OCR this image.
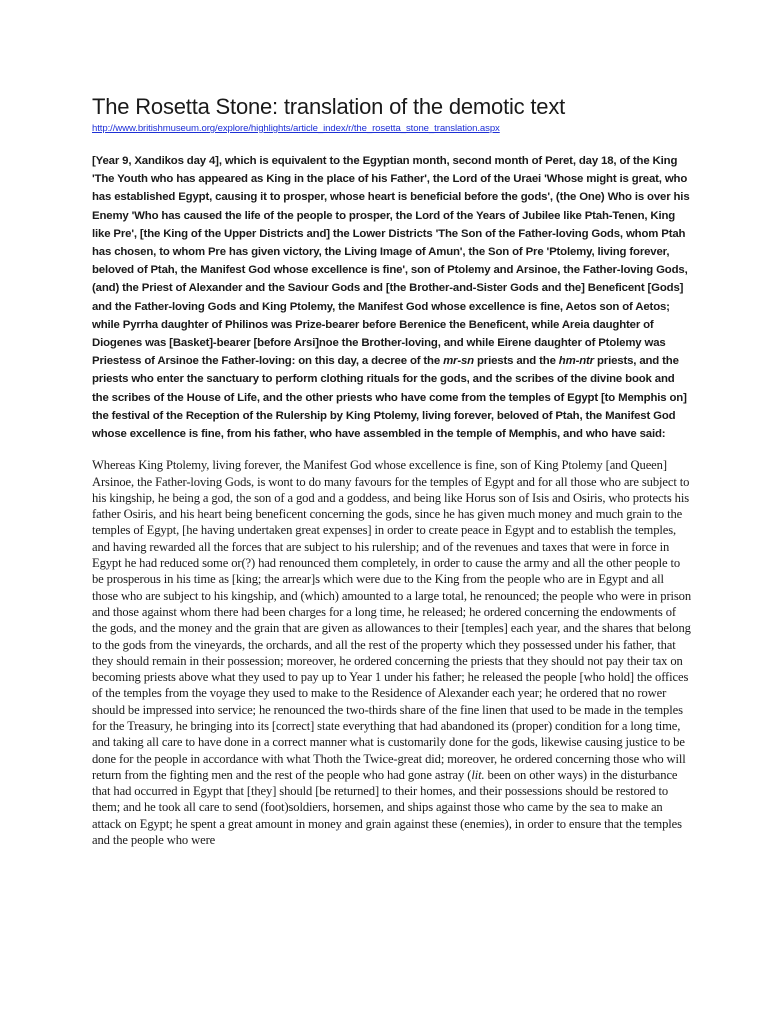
The Rosetta Stone: translation of the demotic text
http://www.britishmuseum.org/explore/highlights/article_index/r/the_rosetta_stone_translation.aspx

[Year 9, Xandikos day 4], which is equivalent to the Egyptian month, second month of Peret, day 18, of the King 'The Youth who has appeared as King in the place of his Father', the Lord of the Uraei 'Whose might is great, who has established Egypt, causing it to prosper, whose heart is beneficial before the gods', (the One) Who is over his Enemy 'Who has caused the life of the people to prosper, the Lord of the Years of Jubilee like Ptah-Tenen, King like Pre', [the King of the Upper Districts and] the Lower Districts 'The Son of the Father-loving Gods, whom Ptah has chosen, to whom Pre has given victory, the Living Image of Amun', the Son of Pre 'Ptolemy, living forever, beloved of Ptah, the Manifest God whose excellence is fine', son of Ptolemy and Arsinoe, the Father-loving Gods, (and) the Priest of Alexander and the Saviour Gods and [the Brother-and-Sister Gods and the] Beneficent [Gods] and the Father-loving Gods and King Ptolemy, the Manifest God whose excellence is fine, Aetos son of Aetos; while Pyrrha daughter of Philinos was Prize-bearer before Berenice the Beneficent, while Areia daughter of Diogenes was [Basket]-bearer [before Arsi]noe the Brother-loving, and while Eirene daughter of Ptolemy was Priestess of Arsinoe the Father-loving: on this day, a decree of the mr-sn priests and the hm-ntr priests, and the priests who enter the sanctuary to perform clothing rituals for the gods, and the scribes of the divine book and the scribes of the House of Life, and the other priests who have come from the temples of Egypt [to Memphis on] the festival of the Reception of the Rulership by King Ptolemy, living forever, beloved of Ptah, the Manifest God whose excellence is fine, from his father, who have assembled in the temple of Memphis, and who have said:

Whereas King Ptolemy, living forever, the Manifest God whose excellence is fine, son of King Ptolemy [and Queen] Arsinoe, the Father-loving Gods, is wont to do many favours for the temples of Egypt and for all those who are subject to his kingship, he being a god, the son of a god and a goddess, and being like Horus son of Isis and Osiris, who protects his father Osiris, and his heart being beneficent concerning the gods, since he has given much money and much grain to the temples of Egypt, [he having undertaken great expenses] in order to create peace in Egypt and to establish the temples, and having rewarded all the forces that are subject to his rulership; and of the revenues and taxes that were in force in Egypt he had reduced some or(?) had renounced them completely, in order to cause the army and all the other people to be prosperous in his time as [king; the arrear]s which were due to the King from the people who are in Egypt and all those who are subject to his kingship, and (which) amounted to a large total, he renounced; the people who were in prison and those against whom there had been charges for a long time, he released; he ordered concerning the endowments of the gods, and the money and the grain that are given as allowances to their [temples] each year, and the shares that belong to the gods from the vineyards, the orchards, and all the rest of the property which they possessed under his father, that they should remain in their possession; moreover, he ordered concerning the priests that they should not pay their tax on becoming priests above what they used to pay up to Year 1 under his father; he released the people [who hold] the offices of the temples from the voyage they used to make to the Residence of Alexander each year; he ordered that no rower should be impressed into service; he renounced the two-thirds share of the fine linen that used to be made in the temples for the Treasury, he bringing into its [correct] state everything that had abandoned its (proper) condition for a long time, and taking all care to have done in a correct manner what is customarily done for the gods, likewise causing justice to be done for the people in accordance with what Thoth the Twice-great did; moreover, he ordered concerning those who will return from the fighting men and the rest of the people who had gone astray (lit. been on other ways) in the disturbance that had occurred in Egypt that [they] should [be returned] to their homes, and their possessions should be restored to them; and he took all care to send (foot)soldiers, horsemen, and ships against those who came by the sea to make an attack on Egypt; he spent a great amount in money and grain against these (enemies), in order to ensure that the temples and the people who were
